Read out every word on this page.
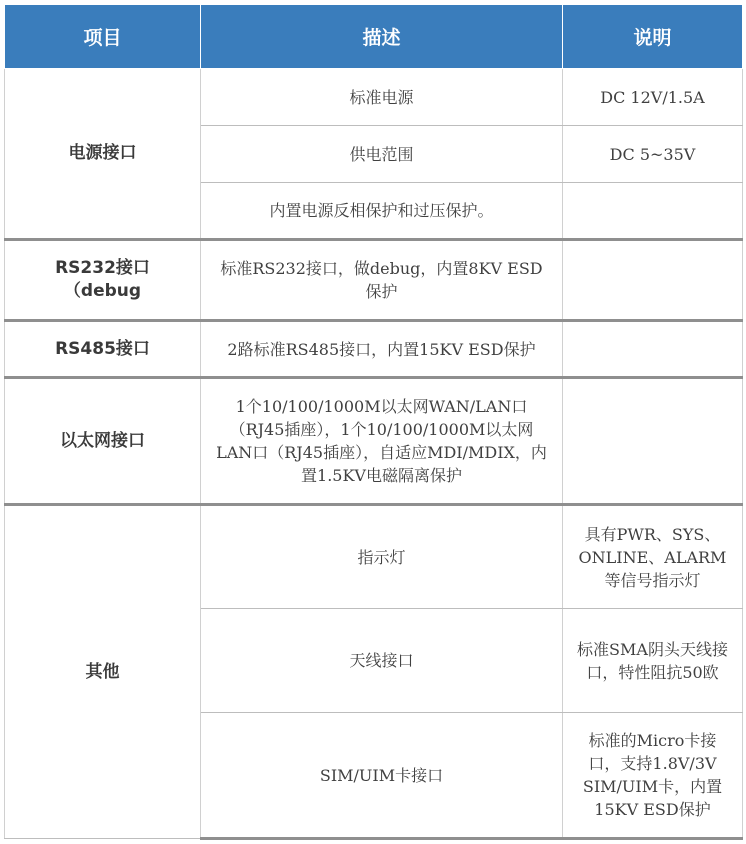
项目	描述	说明
电源接口	标准电源	DC 12V/1.5A
	供电范围	DC 5~35V
	内置电源反相保护和过压保护。	
RS232接口（debug	标准RS232接口，做debug，内置8KV ESD保护	
RS485接口	2路标准RS485接口，内置15KV ESD保护	
以太网接口	1个10/100/1000M以太网WAN/LAN口（RJ45插座），1个10/100/1000M以太网LAN口（RJ45插座），自适应MDI/MDIX，内置1.5KV电磁隔离保护	
其他	指示灯	具有PWR、SYS、ONLINE、ALARM等信号指示灯
	天线接口	标准SMA阴头天线接口，特性阻抗50欧
	SIM/UIM卡接口	标准的Micro卡接口，支持1.8V/3V SIM/UIM卡，内置15KV ESD保护
